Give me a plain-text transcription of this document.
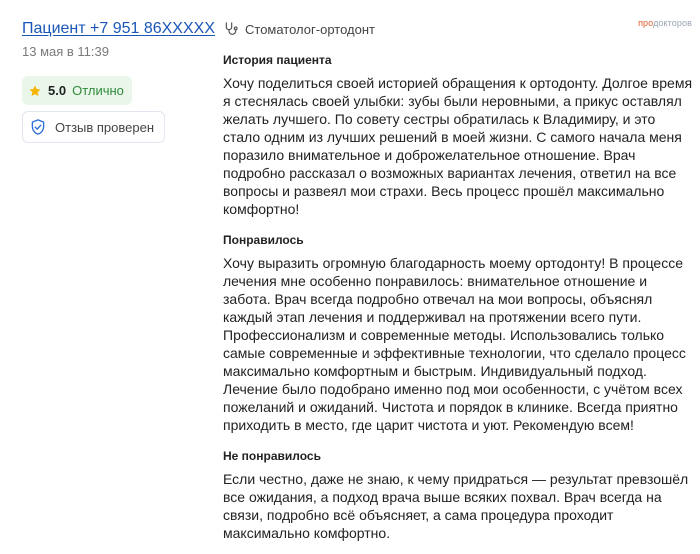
Пациент +7 951 86XXXXX
13 мая в 11:39
5.0 Отлично

Отзыв проверен
продокторов
Стоматолог-ортодонт
История пациента

Хочу поделиться своей историей обращения к ортодонту. Долгое время я стеснялась своей улыбки: зубы были неровными, а прикус оставлял желать лучшего. По совету сестры обратилась к Владимиру, и это стало одним из лучших решений в моей жизни. С самого начала меня поразило внимательное и доброжелательное отношение. Врач подробно рассказал о возможных вариантах лечения, ответил на все вопросы и развеял мои страхи. Весь процесс прошёл максимально комфортно!

Понравилось

Хочу выразить огромную благодарность моему ортодонту! В процессе лечения мне особенно понравилось: внимательное отношение и забота. Врач всегда подробно отвечал на мои вопросы, объяснял каждый этап лечения и поддерживал на протяжении всего пути. Профессионализм и современные методы. Использовались только самые современные и эффективные технологии, что сделало процесс максимально комфортным и быстрым. Индивидуальный подход. Лечение было подобрано именно под мои особенности, с учётом всех пожеланий и ожиданий. Чистота и порядок в клинике. Всегда приятно приходить в место, где царит чистота и уют. Рекомендую всем!

Не понравилось

Если честно, даже не знаю, к чему придраться — результат превзошёл все ожидания, а подход врача выше всяких похвал. Врач всегда на связи, подробно всё объясняет, а сама процедура проходит максимально комфортно.
